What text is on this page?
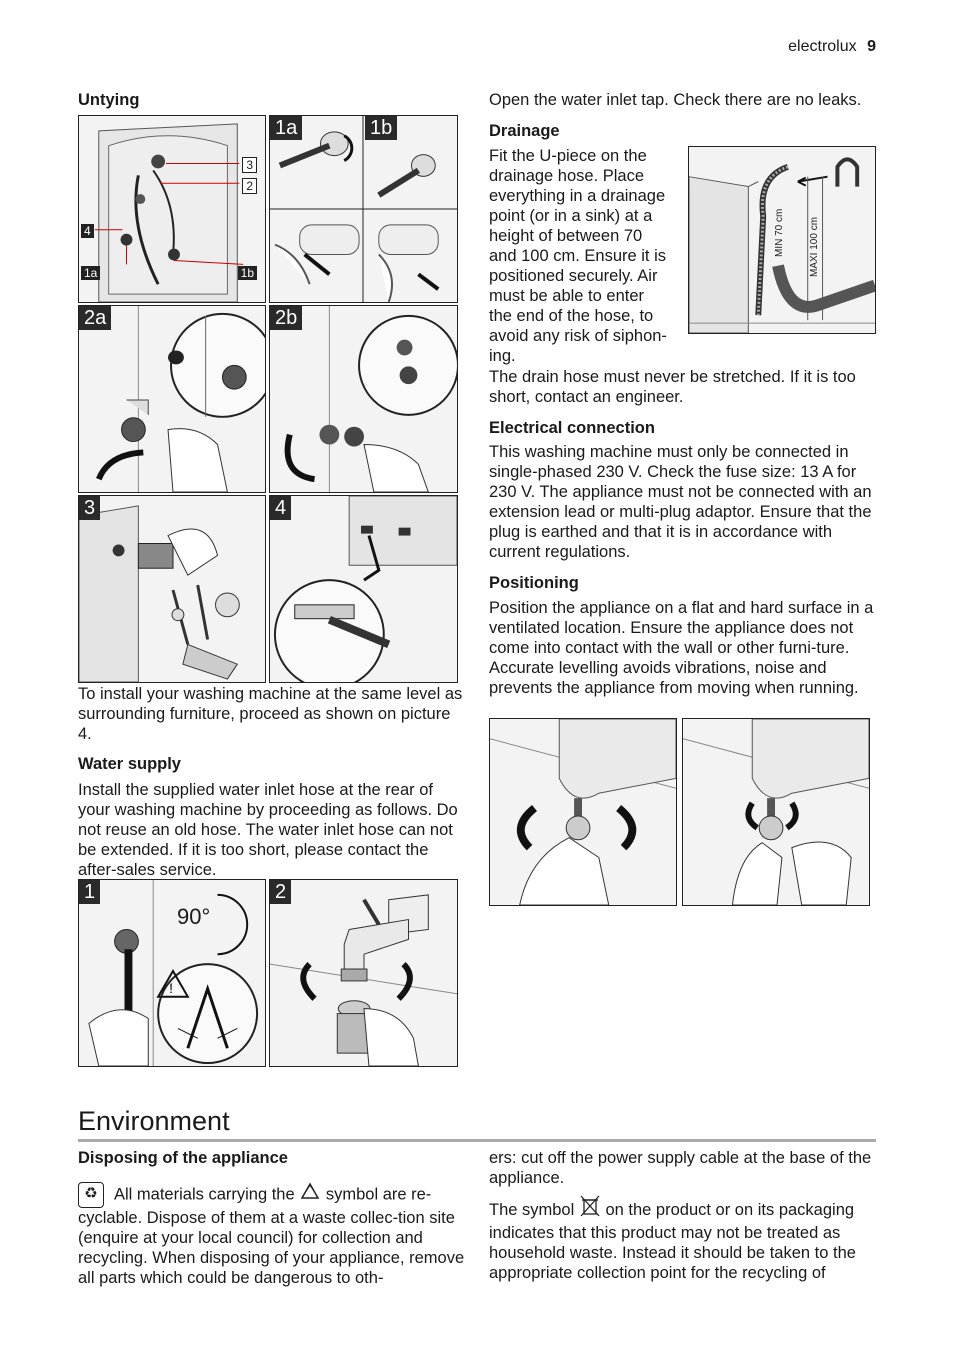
electrolux 9
Untying
3
2
4
1a	1b
1a	1b
2a	2b
3	4

To install your washing machine at the same level as surrounding furniture, proceed as shown on picture 4.

Water supply

Install the supplied water inlet hose at the rear of your washing machine by proceeding as follows. Do not reuse an old hose. The water inlet hose can not be extended. If it is too short, please contact the after-sales service.

!
1
90°
2

Open the water inlet tap. Check there are no leaks.

Drainage

Fit the U-piece on the

drainage hose. Place

everything in a drainage

point (or in a sink) at a

height of between 70

and 100 cm. Ensure it is

positioned securely. Air

must be able to enter

the end of the hose, to

avoid any risk of siphon-

ing.

MIN 70 cm MAXI 100 cm

The drain hose must never be stretched. If it is too short, contact an engineer.

Electrical connection

This washing machine must only be connected in single-phased 230 V. Check the fuse size: 13 A for 230 V. The appliance must not be connected with an extension lead or multi-plug adaptor. Ensure that the plug is earthed and that it is in accordance with current regulations.

Positioning

Position the appliance on a flat and hard surface in a ventilated location. Ensure the appliance does not come into contact with the wall or other furni-ture. Accurate levelling avoids vibrations, noise and prevents the appliance from moving when running.

Environment
Disposing of the appliance

♻ All materials carrying the symbol are re-cyclable. Dispose of them at a waste collec-tion site (enquire at your local council) for collection and recycling. When disposing of your appliance, remove all parts which could be dangerous to oth-

ers: cut off the power supply cable at the base of the appliance.

The symbol on the product or on its packaging indicates that this product may not be treated as household waste. Instead it should be taken to the appropriate collection point for the recycling of
